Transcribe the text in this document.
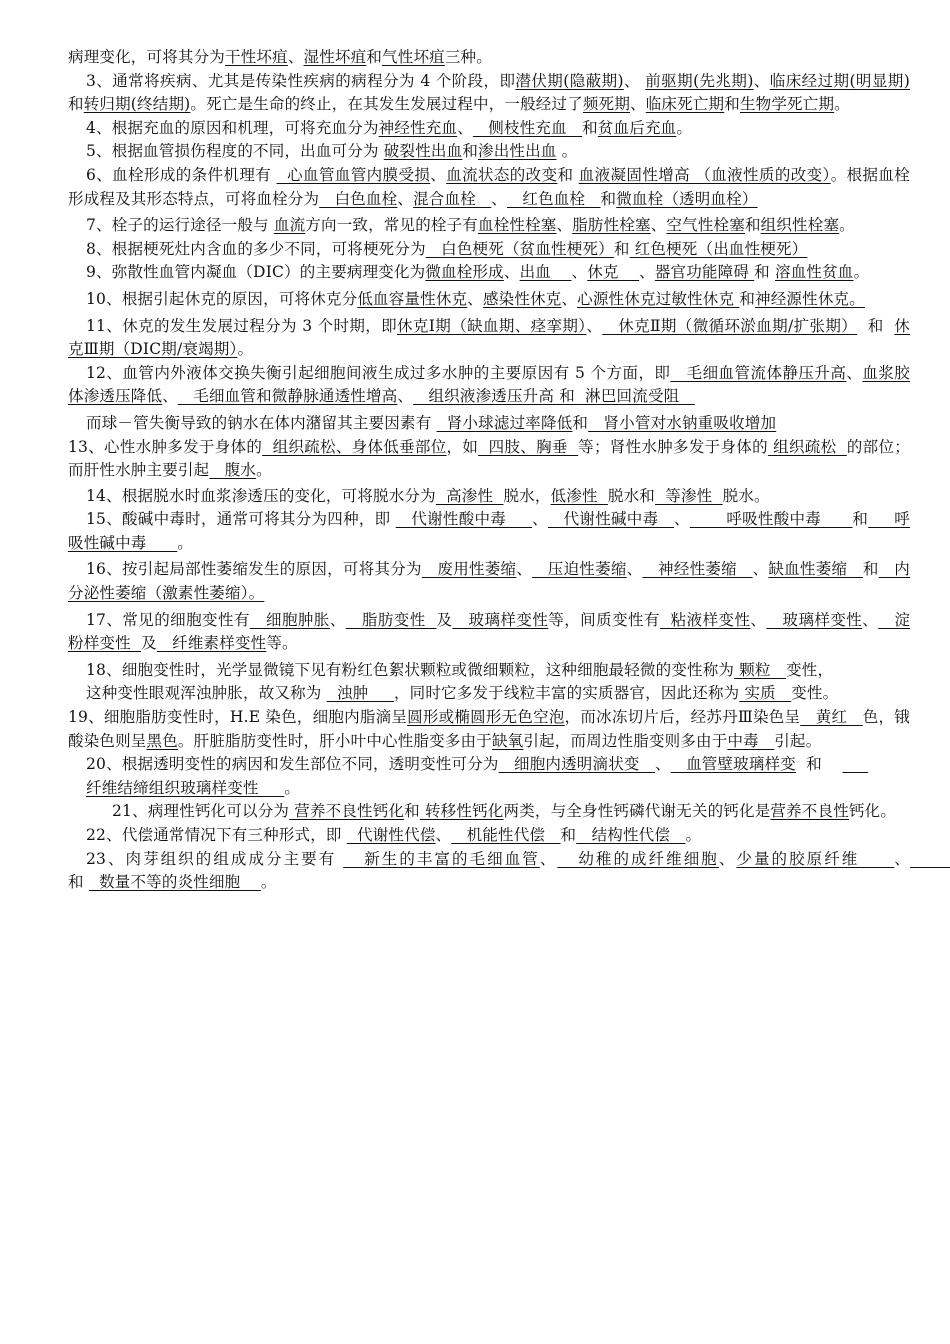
病理变化，可将其分为干性坏疽、湿性坏疽和气性坏疽三种。

3、通常将疾病、尤其是传染性疾病的病程分为 4 个阶段，即潜伏期(隐蔽期)、 前驱期(先兆期)、临床经过期(明显期)和转归期(终结期)。死亡是生命的终止，在其发生发展过程中，一般经过了频死期、临床死亡期和生物学死亡期。

4、根据充血的原因和机理，可将充血分为神经性充血、   侧枝性充血   和贫血后充血。

5、根据血管损伤程度的不同，出血可分为 破裂性出血和渗出性出血 。

6、血栓形成的条件机理有   心血管血管内膜受损、血流状态的改变和 血液凝固性增高 （血液性质的改变）。根据血栓形成程及其形态特点，可将血栓分为   白色血栓、混合血栓   、   红色血栓   和微血栓（透明血栓）

7、栓子的运行途径一般与 血流方向一致，常见的栓子有血栓性栓塞、脂肪性栓塞、空气性栓塞和组织性栓塞。

8、根据梗死灶内含血的多少不同，可将梗死分为   白色梗死（贫血性梗死）和 红色梗死（出血性梗死）

9、弥散性血管内凝血（DIC）的主要病理变化为微血栓形成、出血    、休克    、器官功能障碍 和 溶血性贫血。

10、根据引起休克的原因，可将休克分低血容量性休克、感染性休克、心源性休克过敏性休克 和神经源性休克。

11、休克的发生发展过程分为 3 个时期，即休克Ⅰ期（缺血期、痉挛期）、   休克Ⅱ期（微循环淤血期/扩张期）  和  休克Ⅲ期（DIC期/衰竭期）。

12、血管内外液体交换失衡引起细胞间液生成过多水肿的主要原因有 5 个方面，即   毛细血管流体静压升高、血浆胶体渗透压降低、   毛细血管和微静脉通透性增高、   组织液渗透压升高 和  淋巴回流受阻

而球－管失衡导致的钠水在体内潴留其主要因素有   肾小球滤过率降低和   肾小管对水钠重吸收增加

13、心性水肿多发于身体的  组织疏松、身体低垂部位，如  四肢、胸垂  等；肾性水肿多发于身体的 组织疏松  的部位；而肝性水肿主要引起   腹水。

14、根据脱水时血浆渗透压的变化，可将脱水分为  高渗性  脱水，低渗性  脱水和  等渗性  脱水。

15、酸碱中毒时，通常可将其分为四种，即    代谢性酸中毒     、   代谢性碱中毒   、       呼吸性酸中毒      和     呼吸性碱中毒      。

16、按引起局部性萎缩发生的原因，可将其分为   废用性萎缩、   压迫性萎缩、   神经性萎缩   、缺血性萎缩   和   内分泌性萎缩（激素性萎缩）。

17、常见的细胞变性有   细胞肿胀、   脂肪变性  及   玻璃样变性等，间质变性有  粘液样变性、   玻璃样变性、   淀粉样变性  及   纤维素样变性等。

18、细胞变性时，光学显微镜下见有粉红色絮状颗粒或微细颗粒，这种细胞最轻微的变性称为 颗粒   变性，

这种变性眼观浑浊肿胀，故又称为   浊肿     ，同时它多发于线粒丰富的实质器官，因此还称为 实质   变性。

19、细胞脂肪变性时，H.E 染色，细胞内脂滴呈圆形或椭圆形无色空泡，而冰冻切片后，经苏丹Ⅲ染色呈   黄红   色，锇酸染色则呈黑色。肝脏脂肪变性时，肝小叶中心性脂变多由于缺氧引起，而周边性脂变则多由于中毒   引起。

20、根据透明变性的病因和发生部位不同，透明变性可分为   细胞内透明滴状变   、   血管壁玻璃样变  和

纤维结缔组织玻璃样变性     。

21、病理性钙化可以分为 营养不良性钙化和 转移性钙化两类，与全身性钙磷代谢无关的钙化是营养不良性钙化。

22、代偿通常情况下有三种形式，即   代谢性代偿、   机能性代偿   和   结构性代偿   。

23、肉芽组织的组成成分主要有    新生的丰富的毛细血管、   幼稚的成纤维细胞、少量的胶原纤维     、                  和   数量不等的炎性细胞    。
